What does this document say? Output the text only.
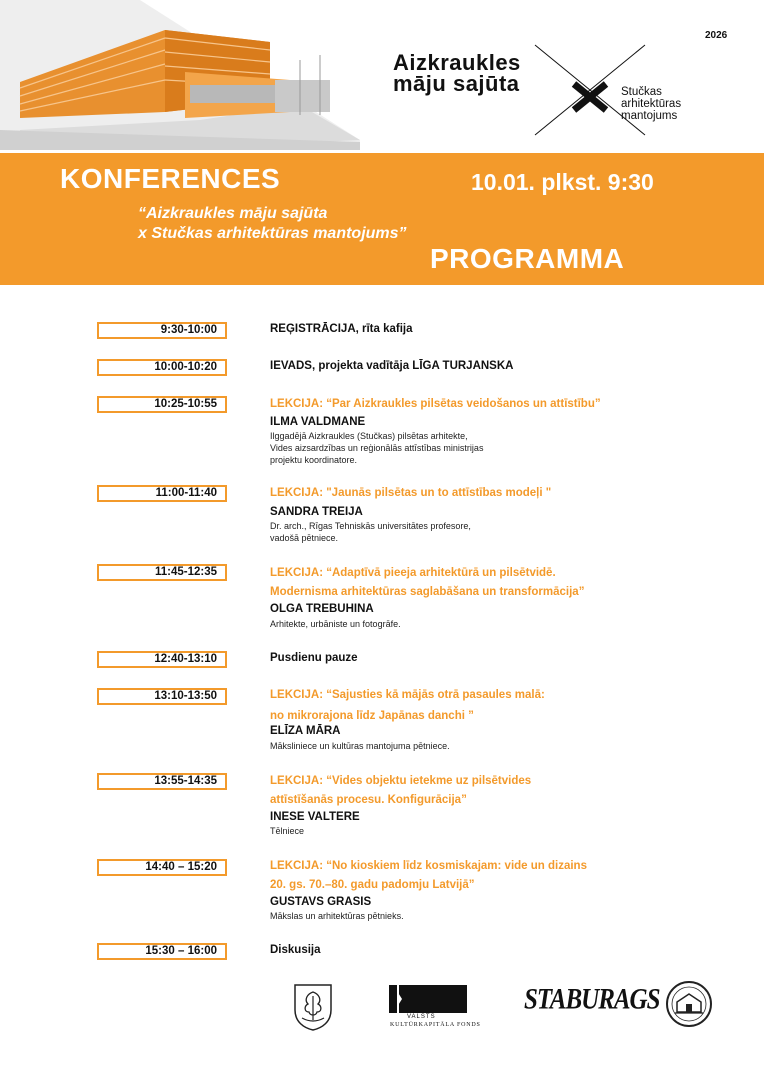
2026
Aizkraukles
māju sajūta	Stučkas
arhitektūras
mantojums
KONFERENCES	10.01. plkst. 9:30
“Aizkraukles māju sajūta
x Stučkas arhitektūras mantojums”
PROGRAMMA
9:30-10:00	REĢISTRĀCIJA, rīta kafija
10:00-10:20	IEVADS, projekta vadītāja LĪGA TURJANSKA
10:25-10:55	LEKCIJA: “Par Aizkraukles pilsētas veidošanos un attīstību”
ILMA VALDMANE
Ilggadējā Aizkraukles (Stučkas) pilsētas arhitekte,
Vides aizsardzības un reģionālās attīstības ministrijas
projektu koordinatore.
11:00-11:40	LEKCIJA: "Jaunās pilsētas un to attīstības modeļi "
SANDRA TREIJA
Dr. arch., Rīgas Tehniskās universitātes profesore,
vadošā pētniece.
11:45-12:35	LEKCIJA: “Adaptīvā pieeja arhitektūrā un pilsētvidē.
Modernisma arhitektūras saglabāšana un transformācija”
OLGA TREBUHINA
Arhitekte, urbāniste un fotogrāfe.
12:40-13:10	Pusdienu pauze
13:10-13:50	LEKCIJA: “Sajusties kā mājās otrā pasaules malā:
no mikrorajona līdz Japānas danchi ”
ELĪZA MĀRA
Māksliniece un kultūras mantojuma pētniece.
13:55-14:35	LEKCIJA: “Vides objektu ietekme uz pilsētvides
attīstīšanās procesu. Konfigurācija”
INESE VALTERE
Tēlniece
14:40 – 15:20	LEKCIJA: “No kioskiem līdz kosmiskajam: vide un dizains
20. gs. 70.–80. gadu padomju Latvijā”
GUSTAVS GRASIS
Mākslas un arhitektūras pētnieks.
15:30 – 16:00	Diskusija
VALSTS
KULTŪRKAPITĀLA FONDS
STABURAGS
